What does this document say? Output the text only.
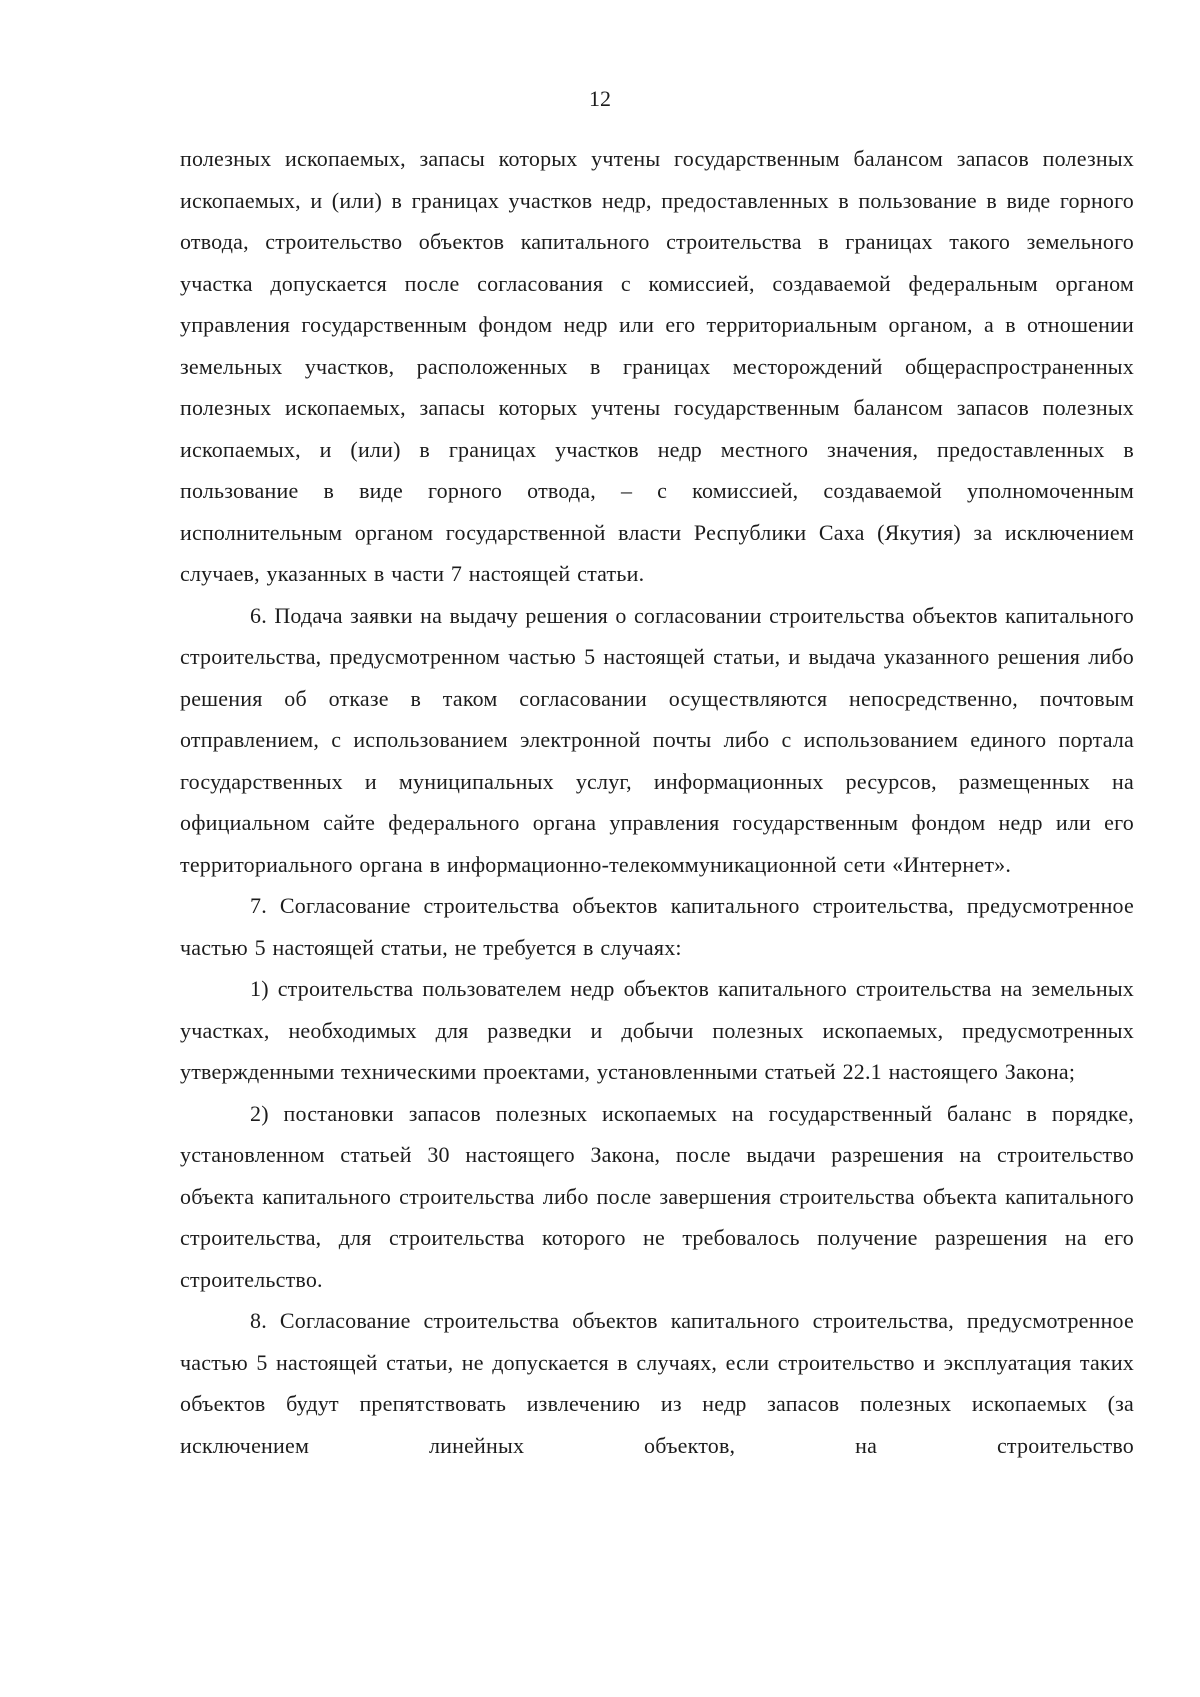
12

полезных ископаемых, запасы которых учтены государственным балансом запасов полезных ископаемых, и (или) в границах участков недр, предоставленных в пользование в виде горного отвода, строительство объектов капитального строительства в границах такого земельного участка допускается после согласования с комиссией, создаваемой федеральным органом управления государственным фондом недр или его территориальным органом, а в отношении земельных участков, расположенных в границах месторождений общераспространенных полезных ископаемых, запасы которых учтены государственным балансом запасов полезных ископаемых, и (или) в границах участков недр местного значения, предоставленных в пользование в виде горного отвода, – с комиссией, создаваемой уполномоченным исполнительным органом государственной власти Республики Саха (Якутия) за исключением случаев, указанных в части 7 настоящей статьи.

6. Подача заявки на выдачу решения о согласовании строительства объектов капитального строительства, предусмотренном частью 5 настоящей статьи, и выдача указанного решения либо решения об отказе в таком согласовании осуществляются непосредственно, почтовым отправлением, с использованием электронной почты либо с использованием единого портала государственных и муниципальных услуг, информационных ресурсов, размещенных на официальном сайте федерального органа управления государственным фондом недр или его территориального органа в информационно-телекоммуникационной сети «Интернет».

7. Согласование строительства объектов капитального строительства, предусмотренное частью 5 настоящей статьи, не требуется в случаях:

1) строительства пользователем недр объектов капитального строительства на земельных участках, необходимых для разведки и добычи полезных ископаемых, предусмотренных утвержденными техническими проектами, установленными статьей 22.1 настоящего Закона;

2) постановки запасов полезных ископаемых на государственный баланс в порядке, установленном статьей 30 настоящего Закона, после выдачи разрешения на строительство объекта капитального строительства либо после завершения строительства объекта капитального строительства, для строительства которого не требовалось получение разрешения на его строительство.

8. Согласование строительства объектов капитального строительства, предусмотренное частью 5 настоящей статьи, не допускается в случаях, если строительство и эксплуатация таких объектов будут препятствовать извлечению из недр запасов полезных ископаемых (за исключением линейных объектов, на строительство
